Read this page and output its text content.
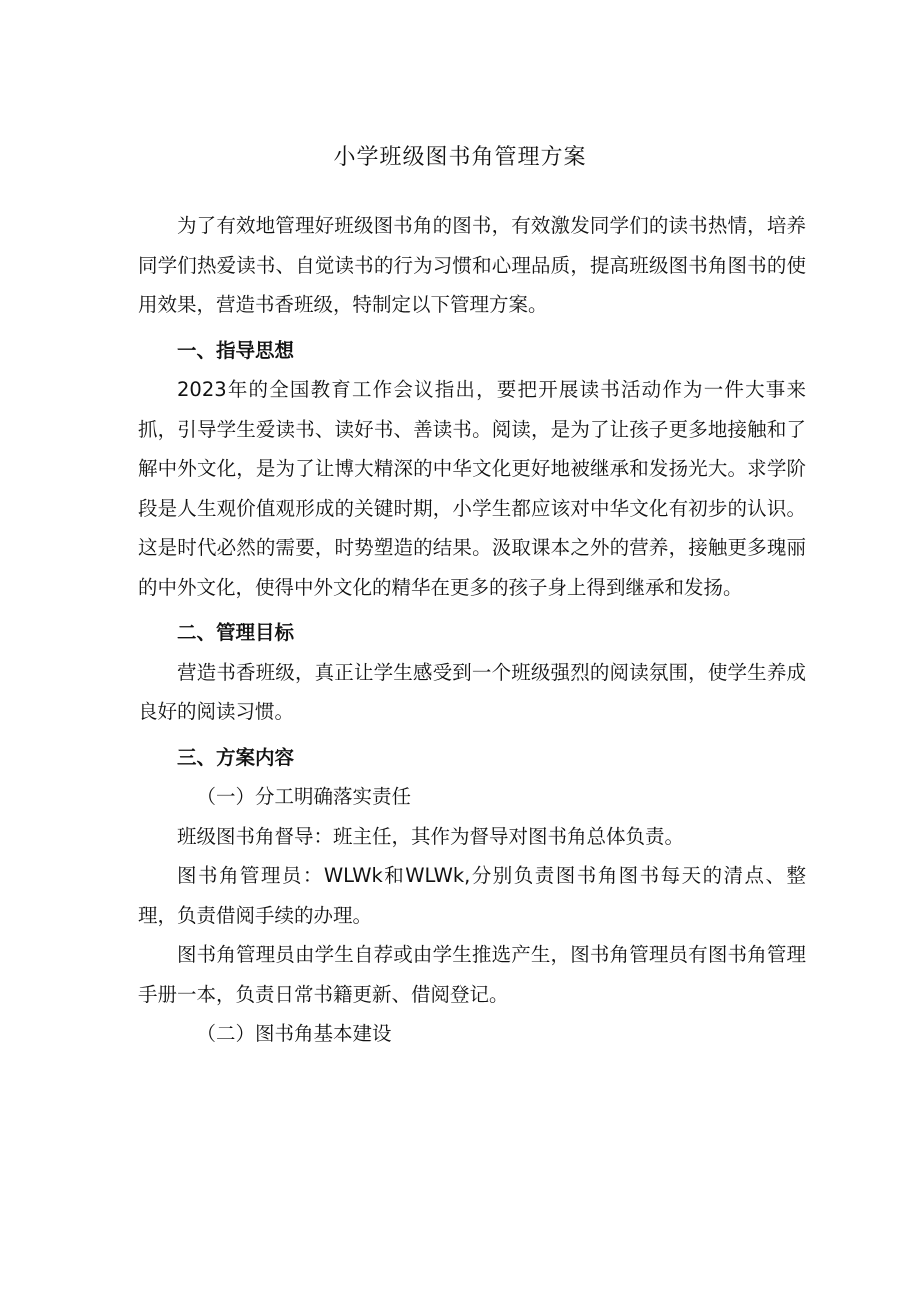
小学班级图书角管理方案

为了有效地管理好班级图书角的图书，有效激发同学们的读书热情，培养同学们热爱读书、自觉读书的行为习惯和心理品质，提高班级图书角图书的使用效果，营造书香班级，特制定以下管理方案。

一、指导思想

2023年的全国教育工作会议指出，要把开展读书活动作为一件大事来抓，引导学生爱读书、读好书、善读书。阅读，是为了让孩子更多地接触和了解中外文化，是为了让博大精深的中华文化更好地被继承和发扬光大。求学阶段是人生观价值观形成的关键时期，小学生都应该对中华文化有初步的认识。这是时代必然的需要，时势塑造的结果。汲取课本之外的营养，接触更多瑰丽的中外文化，使得中外文化的精华在更多的孩子身上得到继承和发扬。

二、管理目标

营造书香班级，真正让学生感受到一个班级强烈的阅读氛围，使学生养成良好的阅读习惯。

三、方案内容

（一）分工明确落实责任

班级图书角督导：班主任，其作为督导对图书角总体负责。

图书角管理员：WLWk和WLWk,分别负责图书角图书每天的清点、整理，负责借阅手续的办理。

图书角管理员由学生自荐或由学生推选产生，图书角管理员有图书角管理手册一本，负责日常书籍更新、借阅登记。

（二）图书角基本建设
